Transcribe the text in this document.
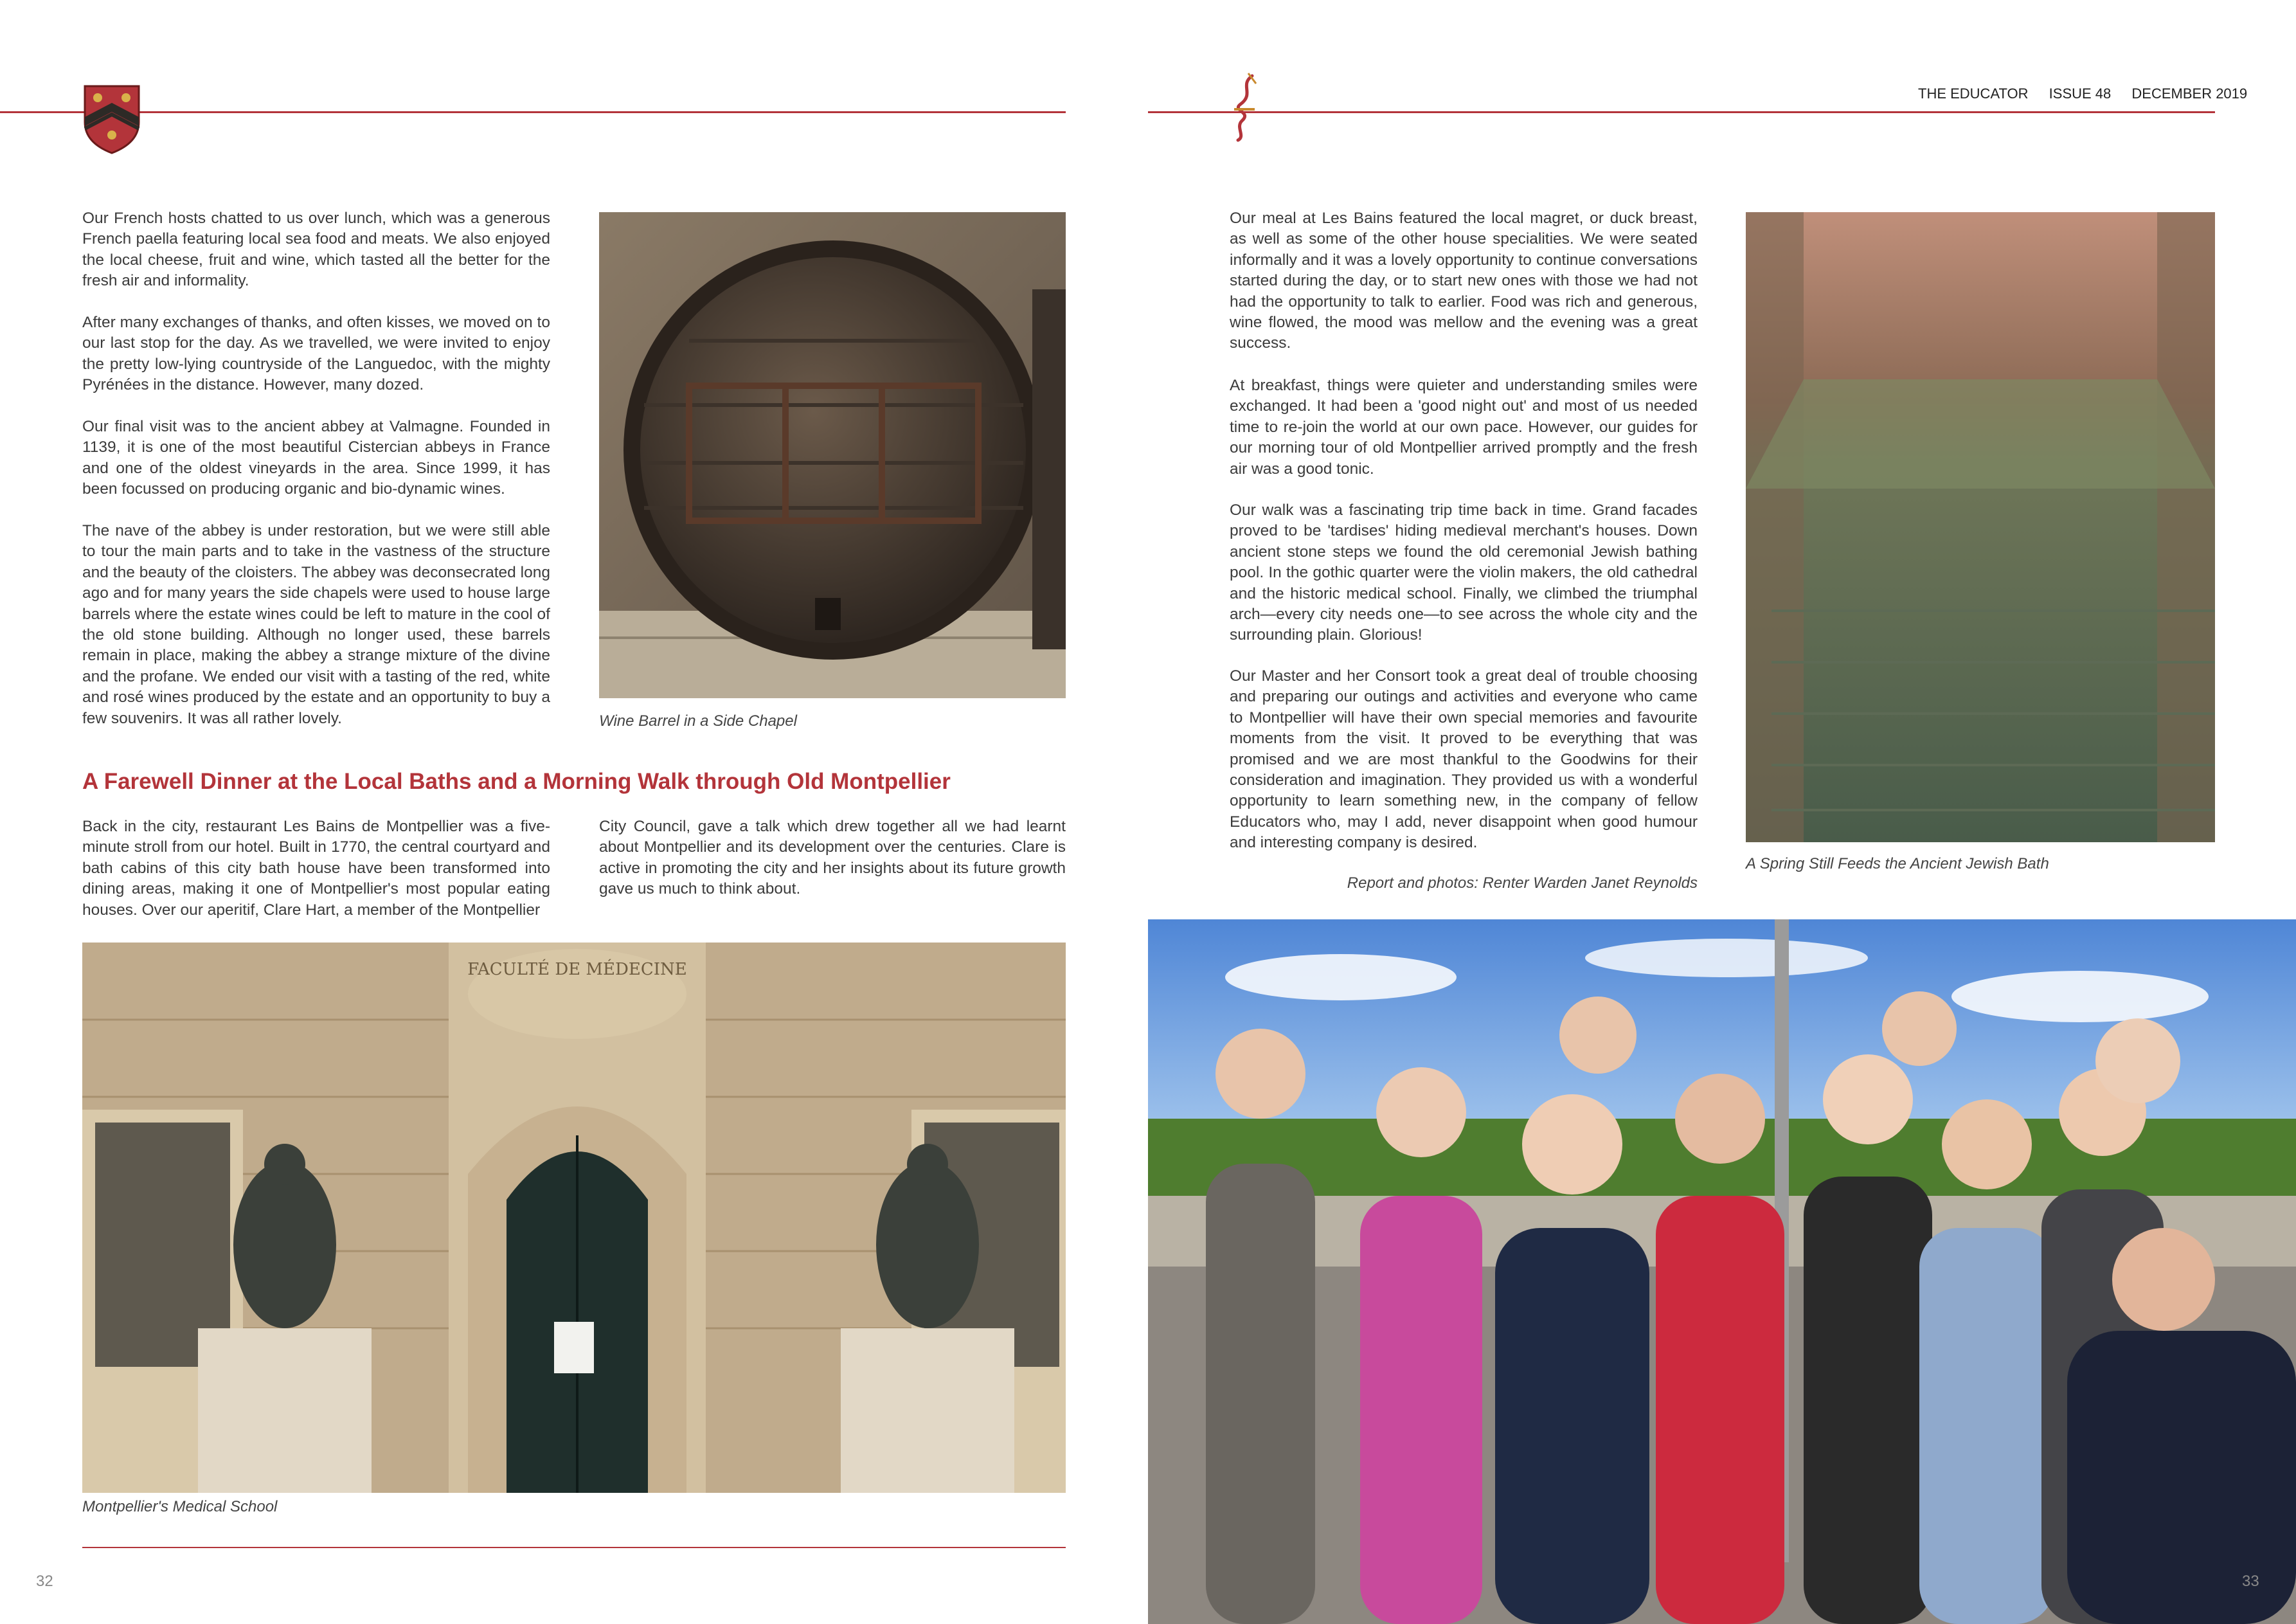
THE EDUCATOR ISSUE 48 DECEMBER 2019

Our French hosts chatted to us over lunch, which was a generous French paella featuring local sea food and meats. We also enjoyed the local cheese, fruit and wine, which tasted all the better for the fresh air and informality.

After many exchanges of thanks, and often kisses, we moved on to our last stop for the day. As we travelled, we were invited to enjoy the pretty low-lying countryside of the Languedoc, with the mighty Pyrénées in the distance. However, many dozed.

Our final visit was to the ancient abbey at Valmagne. Founded in 1139, it is one of the most beautiful Cistercian abbeys in France and one of the oldest vineyards in the area. Since 1999, it has been focussed on producing organic and bio-dynamic wines.

The nave of the abbey is under restoration, but we were still able to tour the main parts and to take in the vastness of the structure and the beauty of the cloisters. The abbey was deconsecrated long ago and for many years the side chapels were used to house large barrels where the estate wines could be left to mature in the cool of the old stone building. Although no longer used, these barrels remain in place, making the abbey a strange mixture of the divine and the profane. We ended our visit with a tasting of the red, white and rosé wines produced by the estate and an opportunity to buy a few souvenirs. It was all rather lovely.	Wine Barrel in a Side Chapel

A Farewell Dinner at the Local Baths and a Morning Walk through Old Montpellier

Back in the city, restaurant Les Bains de Montpellier was a five-minute stroll from our hotel. Built in 1770, the central courtyard and bath cabins of this city bath house have been transformed into dining areas, making it one of Montpellier's most popular eating houses. Over our aperitif, Clare Hart, a member of the Montpellier

City Council, gave a talk which drew together all we had learnt about Montpellier and its development over the centuries. Clare is active in promoting the city and her insights about its future growth gave us much to think about.

FACULTÉ DE MÉDECINE

Montpellier's Medical School

32

Our meal at Les Bains featured the local magret, or duck breast, as well as some of the other house specialities. We were seated informally and it was a lovely opportunity to continue conversations started during the day, or to start new ones with those we had not had the opportunity to talk to earlier. Food was rich and generous, wine flowed, the mood was mellow and the evening was a great success.

At breakfast, things were quieter and understanding smiles were exchanged. It had been a 'good night out' and most of us needed time to re-join the world at our own pace. However, our guides for our morning tour of old Montpellier arrived promptly and the fresh air was a good tonic.

Our walk was a fascinating trip time back in time. Grand facades proved to be 'tardises' hiding medieval merchant's houses. Down ancient stone steps we found the old ceremonial Jewish bathing pool. In the gothic quarter were the violin makers, the old cathedral and the historic medical school. Finally, we climbed the triumphal arch—every city needs one—to see across the whole city and the surrounding plain. Glorious!

Our Master and her Consort took a great deal of trouble choosing and preparing our outings and activities and everyone who came to Montpellier will have their own special memories and favourite moments from the visit. It proved to be everything that was promised and we are most thankful to the Goodwins for their consideration and imagination. They provided us with a wonderful opportunity to learn something new, in the company of fellow Educators who, may I add, never disappoint when good humour and interesting company is desired.

Report and photos: Renter Warden Janet Reynolds

A Spring Still Feeds the Ancient Jewish Bath

33
